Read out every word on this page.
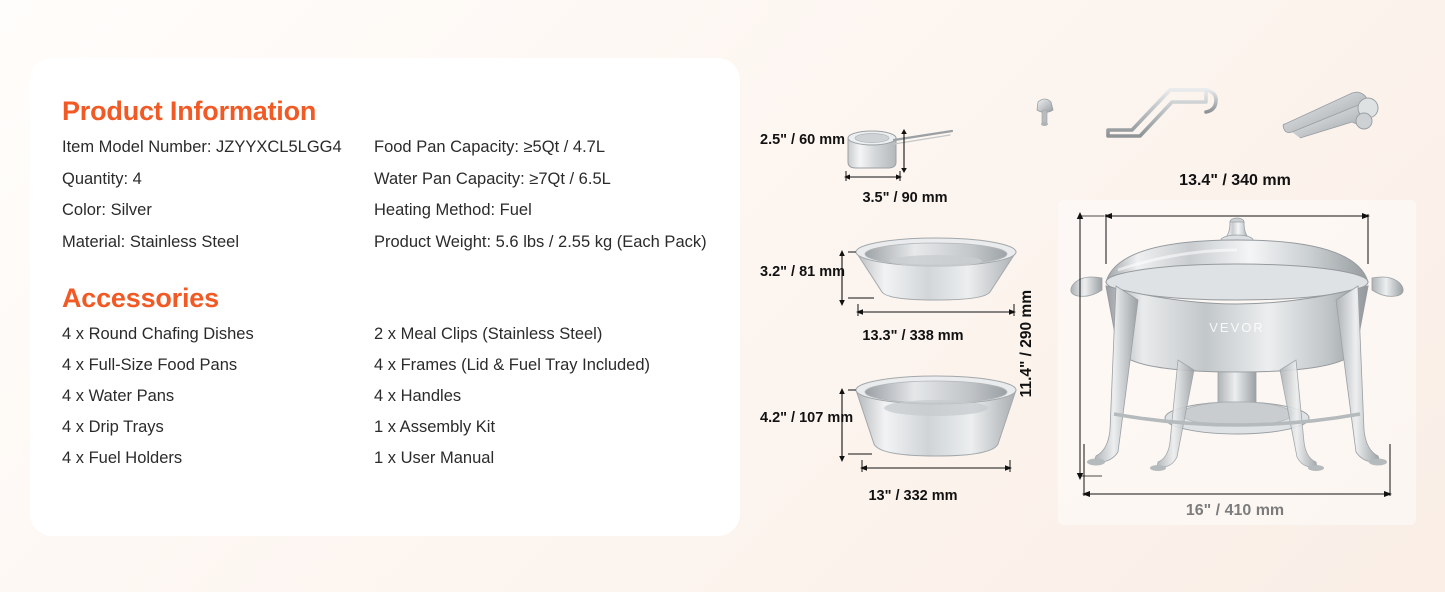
Product Information
Item Model Number: JZYYXCL5LGG4	Food Pan Capacity: ≥5Qt / 4.7L
Quantity: 4	Water Pan Capacity: ≥7Qt / 6.5L
Color: Silver	Heating Method: Fuel
Material: Stainless Steel	Product Weight: 5.6 lbs / 2.55 kg (Each Pack)
Accessories
4 x Round Chafing Dishes	2 x Meal Clips (Stainless Steel)
4 x Full-Size Food Pans	4 x Frames (Lid & Fuel Tray Included)
4 x Water Pans	4 x Handles
4 x Drip Trays	1 x Assembly Kit
4 x Fuel Holders	1 x User Manual
2.5" / 60 mm
3.5" / 90 mm
3.2" / 81 mm
13.3" / 338 mm
4.2" / 107 mm
13" / 332 mm
13.4" / 340 mm
11.4" / 290 mm
16" / 410 mm
VEVOR
